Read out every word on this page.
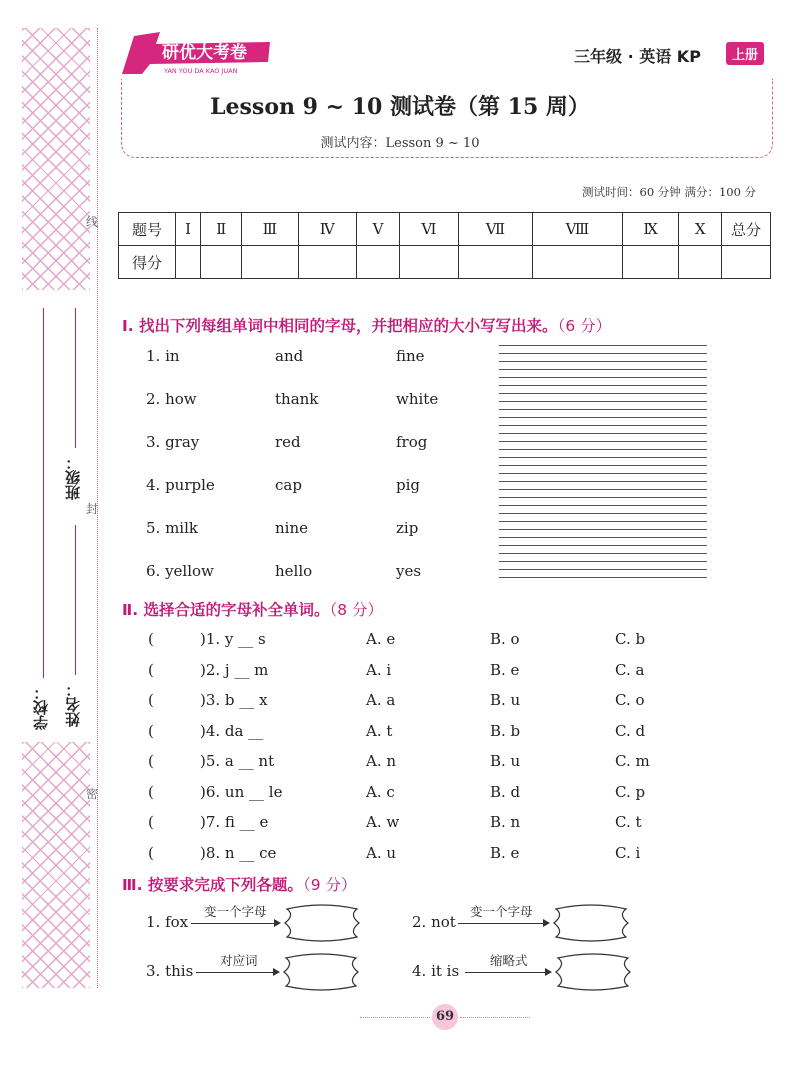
线
封
密
学校：
班级：
姓名：
研优大考卷
YAN YOU DA KAO JUAN
三年级 · 英语 KP	上册
Lesson 9 ~ 10 测试卷（第 15 周）
测试内容：Lesson 9 ~ 10
测试时间：60 分钟 满分：100 分
题号	Ⅰ	Ⅱ	Ⅲ	Ⅳ	Ⅴ	Ⅵ	Ⅶ	Ⅷ	Ⅸ	Ⅹ	总分
得分											
Ⅰ. 找出下列每组单词中相同的字母，并把相应的大小写写出来。（6 分）
1. in	and	fine
2. how	thank	white
3. gray	red	frog
4. purple	cap	pig
5. milk	nine	zip
6. yellow	hello	yes
Ⅱ. 选择合适的字母补全单词。（8 分）
(	)1. y __ s	A. e	B. o	C. b
(	)2. j __ m	A. i	B. e	C. a
(	)3. b __ x	A. a	B. u	C. o
(	)4. da __	A. t	B. b	C. d
(	)5. a __ nt	A. n	B. u	C. m
(	)6. un __ le	A. c	B. d	C. p
(	)7. fi __ e	A. w	B. n	C. t
(	)8. n __ ce	A. u	B. e	C. i
Ⅲ. 按要求完成下列各题。（9 分）
1. fox
变一个字母
2. not
变一个字母
3. this
对应词
4. it is
缩略式
69
